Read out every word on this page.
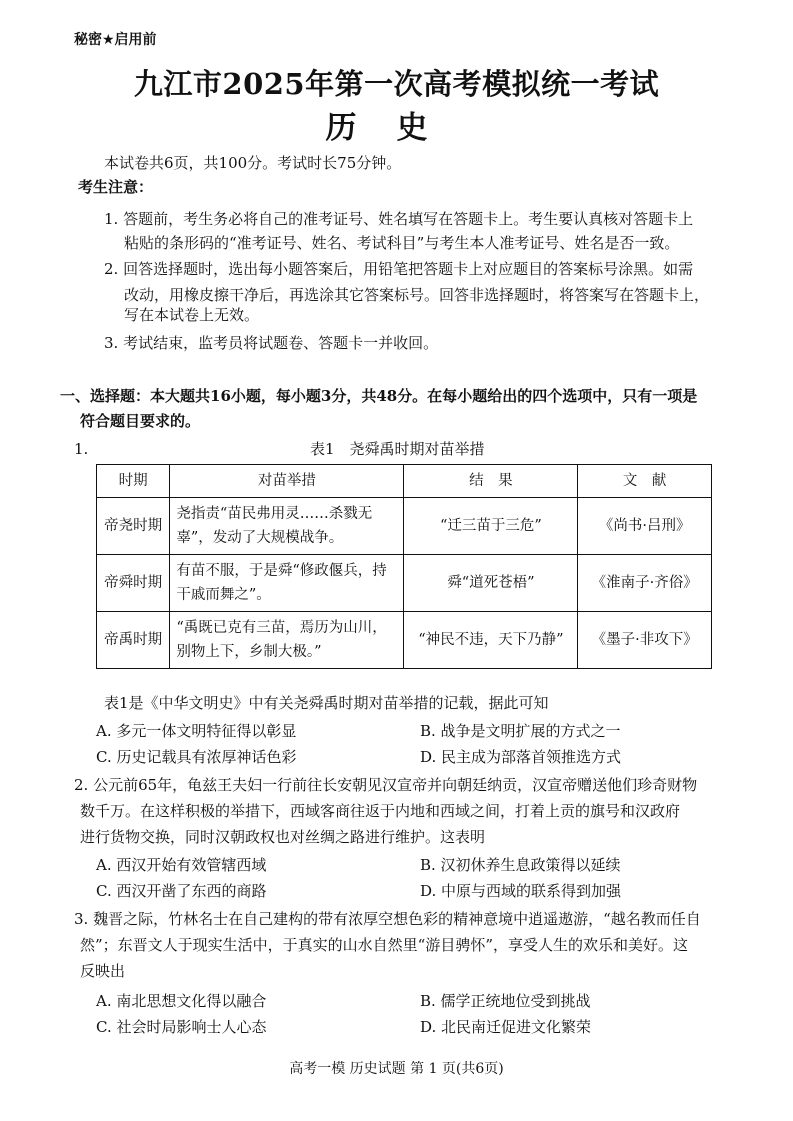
秘密★启用前
九江市2025年第一次高考模拟统一考试
历史
本试卷共6页，共100分。考试时长75分钟。
考生注意：
1. 答题前，考生务必将自己的准考证号、姓名填写在答题卡上。考生要认真核对答题卡上
粘贴的条形码的“准考证号、姓名、考试科目”与考生本人准考证号、姓名是否一致。
2. 回答选择题时，选出每小题答案后，用铅笔把答题卡上对应题目的答案标号涂黑。如需
改动，用橡皮擦干净后，再选涂其它答案标号。回答非选择题时，将答案写在答题卡上，
写在本试卷上无效。
3. 考试结束，监考员将试题卷、答题卡一并收回。
一、选择题：本大题共16小题，每小题3分，共48分。在每小题给出的四个选项中，只有一项是
符合题目要求的。
1.	表1　尧舜禹时期对苗举措
时期	对苗举措	结　果	文　献
帝尧时期	尧指责“苗民弗用灵……杀戮无辜”，发动了大规模战争。	“迁三苗于三危”	《尚书·吕刑》
帝舜时期	有苗不服，于是舜“修政偃兵，持干戚而舞之”。	舜“道死苍梧”	《淮南子·齐俗》
帝禹时期	“禹既已克有三苗，焉历为山川，别物上下，乡制大极。”	“神民不违，天下乃静”	《墨子·非攻下》
表1是《中华文明史》中有关尧舜禹时期对苗举措的记载，据此可知
A. 多元一体文明特征得以彰显	B. 战争是文明扩展的方式之一
C. 历史记载具有浓厚神话色彩	D. 民主成为部落首领推选方式
2. 公元前65年，龟兹王夫妇一行前往长安朝见汉宣帝并向朝廷纳贡，汉宣帝赠送他们珍奇财物
数千万。在这样积极的举措下，西域客商往返于内地和西域之间，打着上贡的旗号和汉政府
进行货物交换，同时汉朝政权也对丝绸之路进行维护。这表明
A. 西汉开始有效管辖西域	B. 汉初休养生息政策得以延续
C. 西汉开凿了东西的商路	D. 中原与西域的联系得到加强
3. 魏晋之际，竹林名士在自己建构的带有浓厚空想色彩的精神意境中逍遥遨游，“越名教而任自
然”；东晋文人于现实生活中，于真实的山水自然里“游目骋怀”，享受人生的欢乐和美好。这
反映出
A. 南北思想文化得以融合	B. 儒学正统地位受到挑战
C. 社会时局影响士人心态	D. 北民南迁促进文化繁荣
高考一模 历史试题 第 1 页(共6页)
